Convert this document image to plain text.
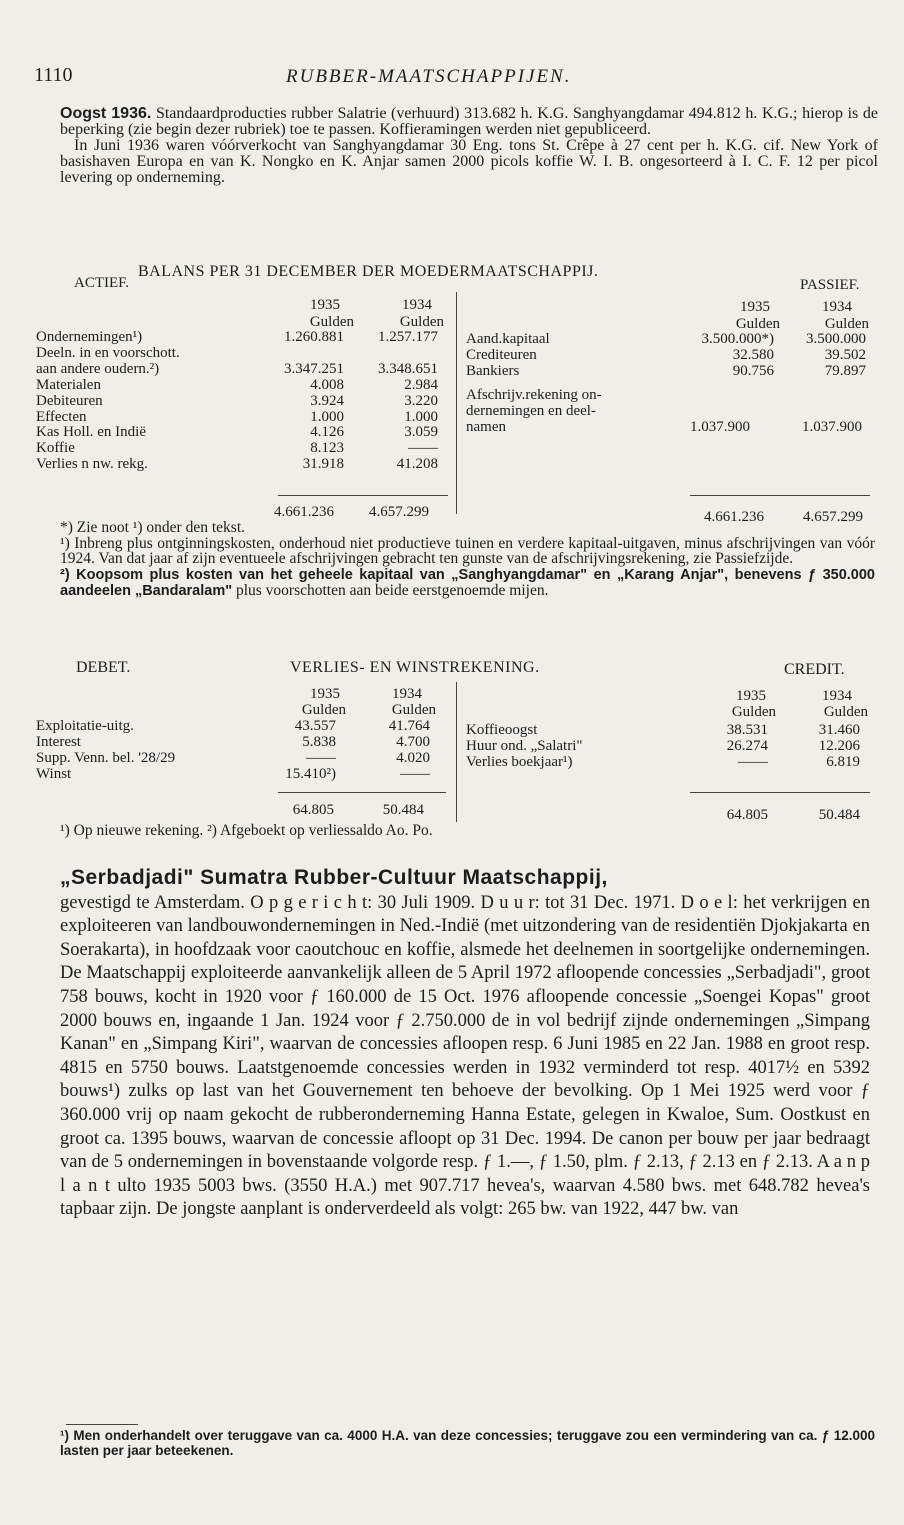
1110	RUBBER-MAATSCHAPPIJEN.

Oogst 1936. Standaardproducties rubber Salatrie (verhuurd) 313.682 h. K.G. Sanghyangdamar 494.812 h. K.G.; hierop is de beperking (zie begin dezer rubriek) toe te passen. Koffieramingen werden niet gepubliceerd.

In Juni 1936 waren vóórverkocht van Sanghyangdamar 30 Eng. tons St. Crêpe à 27 cent per h. K.G. cif. New York of basishaven Europa en van K. Nongko en K. Anjar samen 2000 picols koffie W. I. B. ongesorteerd à I. C. F. 12 per picol levering op onderneming.

BALANS PER 31 DECEMBER DER MOEDERMAATSCHAPPIJ.
ACTIEF.	PASSIEF.
1935	1934
Gulden	Gulden
1935	1934
Gulden	Gulden
Ondernemingen¹)	1.260.881	1.257.177
Deeln. in en voorschott.
aan andere oudern.²)	3.347.251	3.348.651
Materialen	4.008	2.984
Debiteuren	3.924	3.220
Effecten	1.000	1.000
Kas Holl. en Indië	4.126	3.059
Koffie	8.123	——
Verlies n nw. rekg.	31.918	41.208
Aand.kapitaal	3.500.000*)	3.500.000
Crediteuren	32.580	39.502
Bankiers	90.756	79.897
Afschrijv.rekening on-
dernemingen en deel-
namen	1.037.900	1.037.900
4.661.236	4.657.299	4.661.236	4.657.299

*) Zie noot ¹) onder den tekst.

¹) Inbreng plus ontginningskosten, onderhoud niet productieve tuinen en verdere kapitaal-uitgaven, minus afschrijvingen van vóór 1924. Van dat jaar af zijn eventueele afschrijvingen gebracht ten gunste van de afschrijvingsrekening, zie Passiefzijde.

²) Koopsom plus kosten van het geheele kapitaal van „Sanghyangdamar" en „Karang Anjar", benevens ƒ 350.000 aandeelen „Bandaralam" plus voorschotten aan beide eerstgenoemde mijen.

DEBET.	VERLIES- EN WINSTREKENING.	CREDIT.
1935	1934
Gulden	Gulden
1935	1934
Gulden	Gulden
Exploitatie-uitg.	43.557	41.764
Interest	5.838	4.700
Supp. Venn. bel. '28/29	——	4.020
Winst	15.410²)	——
Koffieoogst	38.531	31.460
Huur ond. „Salatri"	26.274	12.206
Verlies boekjaar¹)	——	6.819
64.805	50.484	64.805	50.484
¹) Op nieuwe rekening. ²) Afgeboekt op verliessaldo Ao. Po.

„Serbadjadi" Sumatra Rubber-Cultuur Maatschappij,

gevestigd te Amsterdam. O p g e r i c h t: 30 Juli 1909. D u u r: tot 31 Dec. 1971. D o e l: het verkrijgen en exploiteeren van landbouwondernemingen in Ned.-Indië (met uitzondering van de residentiën Djokjakarta en Soerakarta), in hoofdzaak voor caoutchouc en koffie, alsmede het deelnemen in soortgelijke ondernemingen. De Maatschappij exploiteerde aanvankelijk alleen de 5 April 1972 afloopende concessies „Serbadjadi", groot 758 bouws, kocht in 1920 voor ƒ 160.000 de 15 Oct. 1976 afloopende concessie „Soengei Kopas" groot 2000 bouws en, ingaande 1 Jan. 1924 voor ƒ 2.750.000 de in vol bedrijf zijnde ondernemingen „Simpang Kanan" en „Simpang Kiri", waarvan de concessies afloopen resp. 6 Juni 1985 en 22 Jan. 1988 en groot resp. 4815 en 5750 bouws. Laatstgenoemde concessies werden in 1932 verminderd tot resp. 4017½ en 5392 bouws¹) zulks op last van het Gouvernement ten behoeve der bevolking. Op 1 Mei 1925 werd voor ƒ 360.000 vrij op naam gekocht de rubberonderneming Hanna Estate, gelegen in Kwaloe, Sum. Oostkust en groot ca. 1395 bouws, waarvan de concessie afloopt op 31 Dec. 1994. De canon per bouw per jaar bedraagt van de 5 ondernemingen in bovenstaande volgorde resp. ƒ 1.—, ƒ 1.50, plm. ƒ 2.13, ƒ 2.13 en ƒ 2.13. A a n p l a n t ulto 1935 5003 bws. (3550 H.A.) met 907.717 hevea's, waarvan 4.580 bws. met 648.782 hevea's tapbaar zijn. De jongste aanplant is onderverdeeld als volgt: 265 bw. van 1922, 447 bw. van

¹) Men onderhandelt over teruggave van ca. 4000 H.A. van deze concessies; teruggave zou een vermindering van ca. ƒ 12.000 lasten per jaar beteekenen.
